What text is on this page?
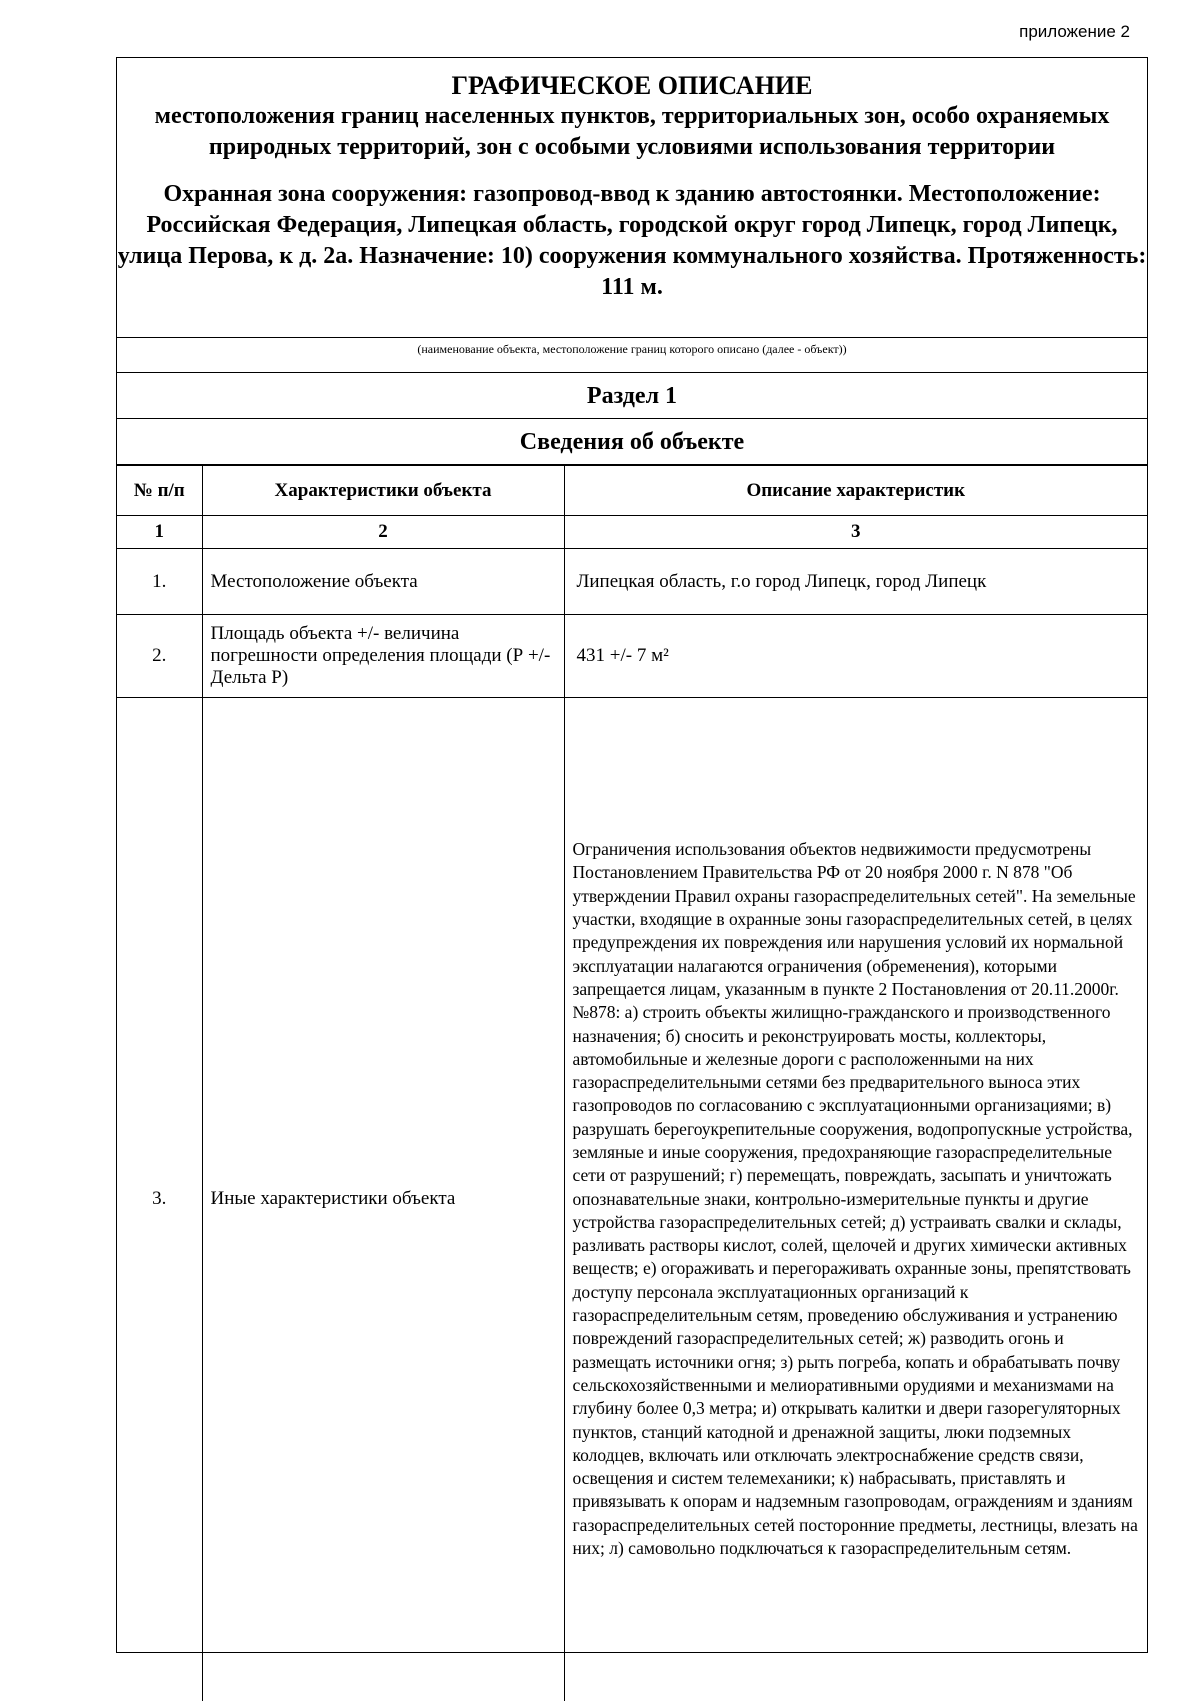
приложение 2
ГРАФИЧЕСКОЕ ОПИСАНИЕ
местоположения границ населенных пунктов, территориальных зон, особо охраняемых природных территорий, зон с особыми условиями использования территории
Охранная зона сооружения: газопровод-ввод к зданию автостоянки. Местоположение: Российская Федерация, Липецкая область, городской округ город Липецк, город Липецк, улица Перова, к д. 2а. Назначение: 10) сооружения коммунального хозяйства. Протяженность: 111 м.
(наименование объекта, местоположение границ которого описано (далее - объект))
Раздел 1
Сведения об объекте
№ п/п	Характеристики объекта	Описание характеристик
1	2	3
1.	Местоположение объекта	Липецкая область, г.о город Липецк, город Липецк
2.	Площадь объекта +/- величина погрешности определения площади (Р +/- Дельта Р)	431 +/- 7 м²
3.	Иные характеристики объекта	Ограничения использования объектов недвижимости предусмотрены Постановлением Правительства РФ от 20 ноября 2000 г. N 878 "Об утверждении Правил охраны газораспределительных сетей". На земельные участки, входящие в охранные зоны газораспределительных сетей, в целях предупреждения их повреждения или нарушения условий их нормальной эксплуатации налагаются ограничения (обременения), которыми запрещается лицам, указанным в пункте 2 Постановления от 20.11.2000г. №878: а) строить объекты жилищно-гражданского и производственного назначения; б) сносить и реконструировать мосты, коллекторы, автомобильные и железные дороги с расположенными на них газораспределительными сетями без предварительного выноса этих газопроводов по согласованию с эксплуатационными организациями; в) разрушать берегоукрепительные сооружения, водопропускные устройства, земляные и иные сооружения, предохраняющие газораспределительные сети от разрушений; г) перемещать, повреждать, засыпать и уничтожать опознавательные знаки, контрольно-измерительные пункты и другие устройства газораспределительных сетей; д) устраивать свалки и склады, разливать растворы кислот, солей, щелочей и других химически активных веществ; е) огораживать и перегораживать охранные зоны, препятствовать доступу персонала эксплуатационных организаций к газораспределительным сетям, проведению обслуживания и устранению повреждений газораспределительных сетей; ж) разводить огонь и размещать источники огня; з) рыть погреба, копать и обрабатывать почву сельскохозяйственными и мелиоративными орудиями и механизмами на глубину более 0,3 метра; и) открывать калитки и двери газорегуляторных пунктов, станций катодной и дренажной защиты, люки подземных колодцев, включать или отключать электроснабжение средств связи, освещения и систем телемеханики; к) набрасывать, приставлять и привязывать к опорам и надземным газопроводам, ограждениям и зданиям газораспределительных сетей посторонние предметы, лестницы, влезать на них; л) самовольно подключаться к газораспределительным сетям.
